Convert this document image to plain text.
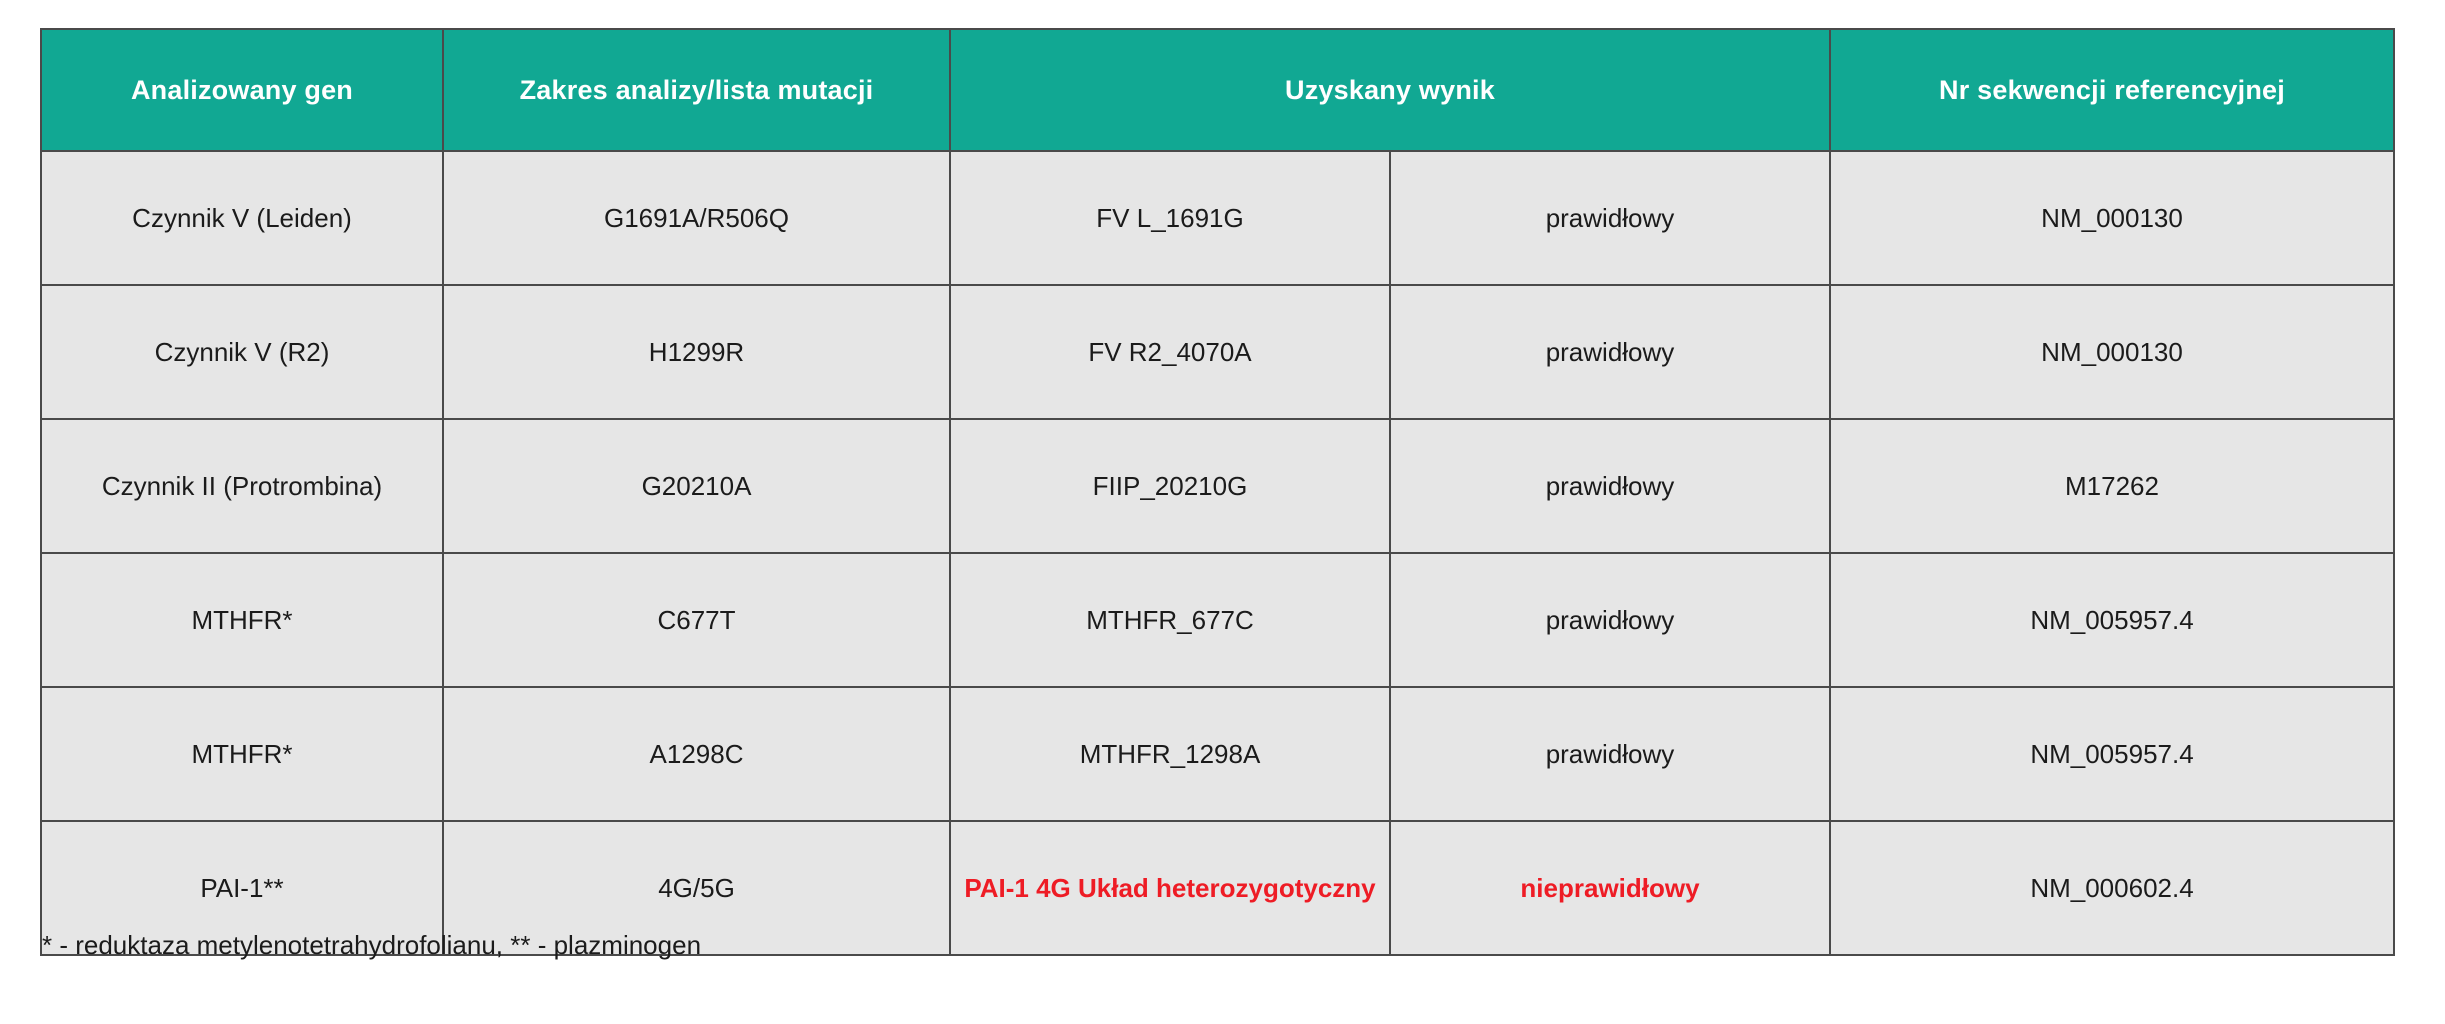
Analizowany gen	Zakres analizy/lista mutacji	Uzyskany wynik		Nr sekwencji referencyjnej
Czynnik V (Leiden)	G1691A/R506Q	FV L_1691G	prawidłowy	NM_000130
Czynnik V (R2)	H1299R	FV R2_4070A	prawidłowy	NM_000130
Czynnik II (Protrombina)	G20210A	FIIP_20210G	prawidłowy	M17262
MTHFR*	C677T	MTHFR_677C	prawidłowy	NM_005957.4
MTHFR*	A1298C	MTHFR_1298A	prawidłowy	NM_005957.4
PAI-1**	4G/5G	PAI-1 4G Układ heterozygotyczny	nieprawidłowy	NM_000602.4
* - reduktaza metylenotetrahydrofolianu, ** - plazminogen
